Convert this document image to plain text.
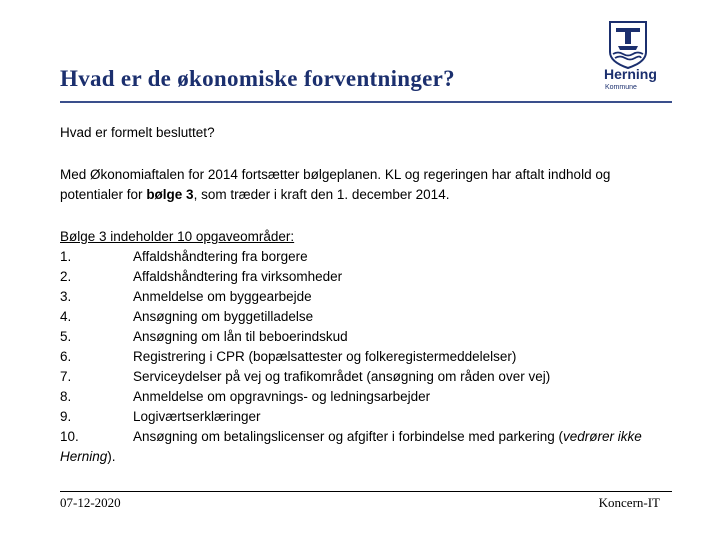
Hvad er de økonomiske forventninger?	Herning
Kommune

Hvad er formelt besluttet?

Med Økonomiaftalen for 2014 fortsætter bølgeplanen. KL og regeringen har aftalt indhold og potentialer for bølge 3, som træder i kraft den 1. december 2014.

Bølge 3 indeholder 10 opgaveområder:

1.	Affaldshåndtering fra borgere
2.	Affaldshåndtering fra virksomheder
3.	Anmeldelse om byggearbejde
4.	Ansøgning om byggetilladelse
5.	Ansøgning om lån til beboerindskud
6.	Registrering i CPR (bopælsattester og folkeregistermeddelelser)
7.	Serviceydelser på vej og trafikområdet (ansøgning om råden over vej)
8.	Anmeldelse om opgravnings- og ledningsarbejder
9.	Logiværtserklæringer

10.	Ansøgning om betalingslicenser og afgifter i forbindelse med parkering (vedrører ikke Herning).

07-12-2020	Koncern-IT
